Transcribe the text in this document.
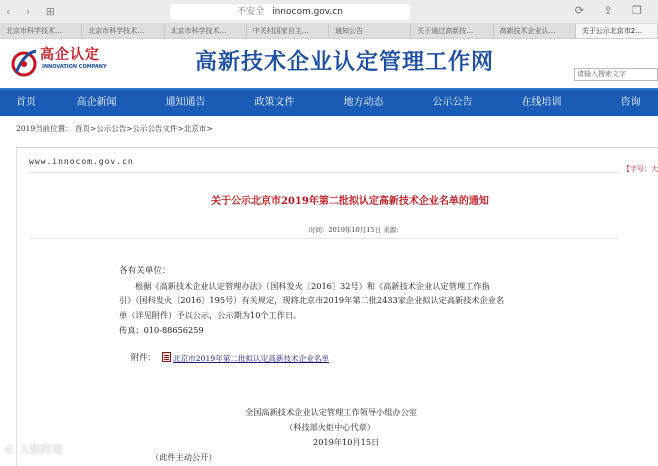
‹ › ⊞	不安全 innocom.gov.cn	⟳ ⇪ ❐
北京市科学技术…	北京市科学技术…	北京市科学技术…	中关村国家自主…	通知公告	关于通过高新技…	高新技术企业认…	关于公示北京市2…
高企认定
INNOVATION COMPANY	高新技术企业认定管理工作网	请输入搜索文字
首页	高企新闻	通知通告	政策文件	地方动态	公示公告	在线培训	咨询
2019当前位置： 首页>公示公告>公示公告文件>北京市>
www.innocom.gov.cn
【字号：大
关于公示北京市2019年第二批拟认定高新技术企业名单的通知
时间：2019年10月15日 来源：
各有关单位：
根据《高新技术企业认定管理办法》（国科发火〔2016〕32号）和《高新技术企业认定管理工作指
引》（国科发火〔2016〕195号）有关规定，现将北京市2019年第二批2433家企业拟认定高新技术企业名
单（详见附件）予以公示，公示期为10个工作日。
传真：010-88656259
附件： 北京市2019年第二批拟认定高新技术企业名单
全国高新技术企业认定管理工作领导小组办公室
（科技部火炬中心代章）
2019年10月15日
（此件主动公开）
© 大数跨境
